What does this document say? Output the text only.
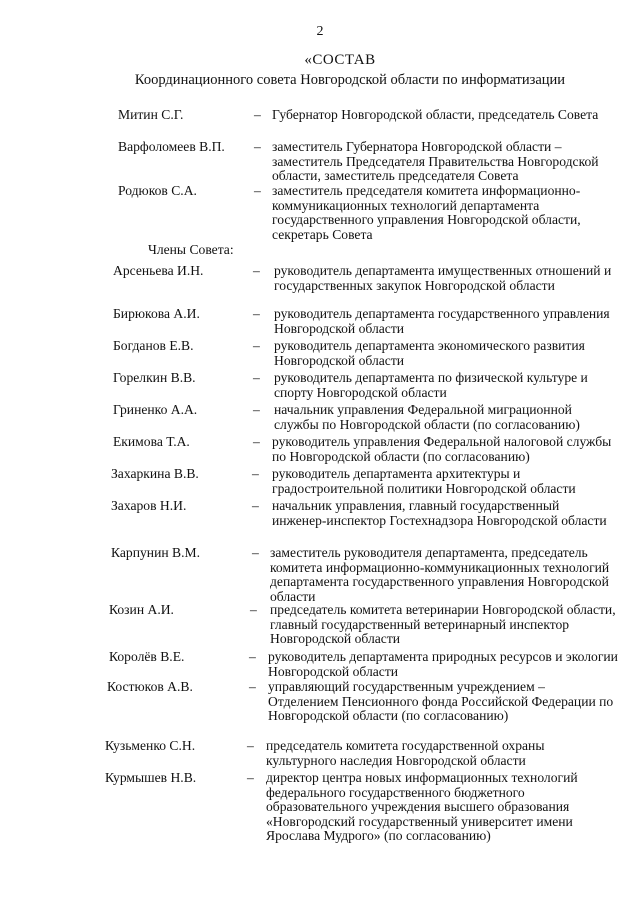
2
«СОСТАВ
Координационного совета Новгородской области по информатизации
Митин С.Г.	– Губернатор Новгородской области, председатель Совета
Варфоломеев В.П. – заместитель Губернатора Новгородской области – заместитель Председателя Правительства Новгородской области, заместитель председателя Совета
Родюков С.А.	– заместитель председателя комитета информационно-коммуникационных технологий департамента государственного управления Новгородской области, секретарь Совета
Члены Совета:
Арсеньева И.Н.	– руководитель департамента имущественных отношений и государственных закупок Новгородской области
Бирюкова А.И.	– руководитель департамента государственного управления Новгородской области
Богданов Е.В.	– руководитель департамента экономического развития Новгородской области
Горелкин В.В.	– руководитель департамента по физической культуре и спорту Новгородской области
Гриненко А.А.	– начальник управления Федеральной миграционной службы по Новгородской области (по согласованию)
Екимова Т.А.	– руководитель управления Федеральной налоговой службы по Новгородской области (по согласованию)
Захаркина В.В.	– руководитель департамента архитектуры и градостроительной политики Новгородской области
Захаров Н.И.	– начальник управления, главный государственный инженер-инспектор Гостехнадзора Новгородской области
Карпунин В.М.	– заместитель руководителя департамента, председатель комитета информационно-коммуникационных технологий департамента государственного управления Новгородской области
Козин А.И.	– председатель комитета ветеринарии Новгородской области, главный государственный ветеринарный инспектор Новгородской области
Королёв В.Е.	– руководитель департамента природных ресурсов и экологии Новгородской области
Костюков А.В.	– управляющий государственным учреждением – Отделением Пенсионного фонда Российской Федерации по Новгородской области (по согласованию)
Кузьменко С.Н.	– председатель комитета государственной охраны культурного наследия Новгородской области
Курмышев Н.В.	– директор центра новых информационных технологий федерального государственного бюджетного образовательного учреждения высшего образования «Новгородский государственный университет имени Ярослава Мудрого» (по согласованию)
